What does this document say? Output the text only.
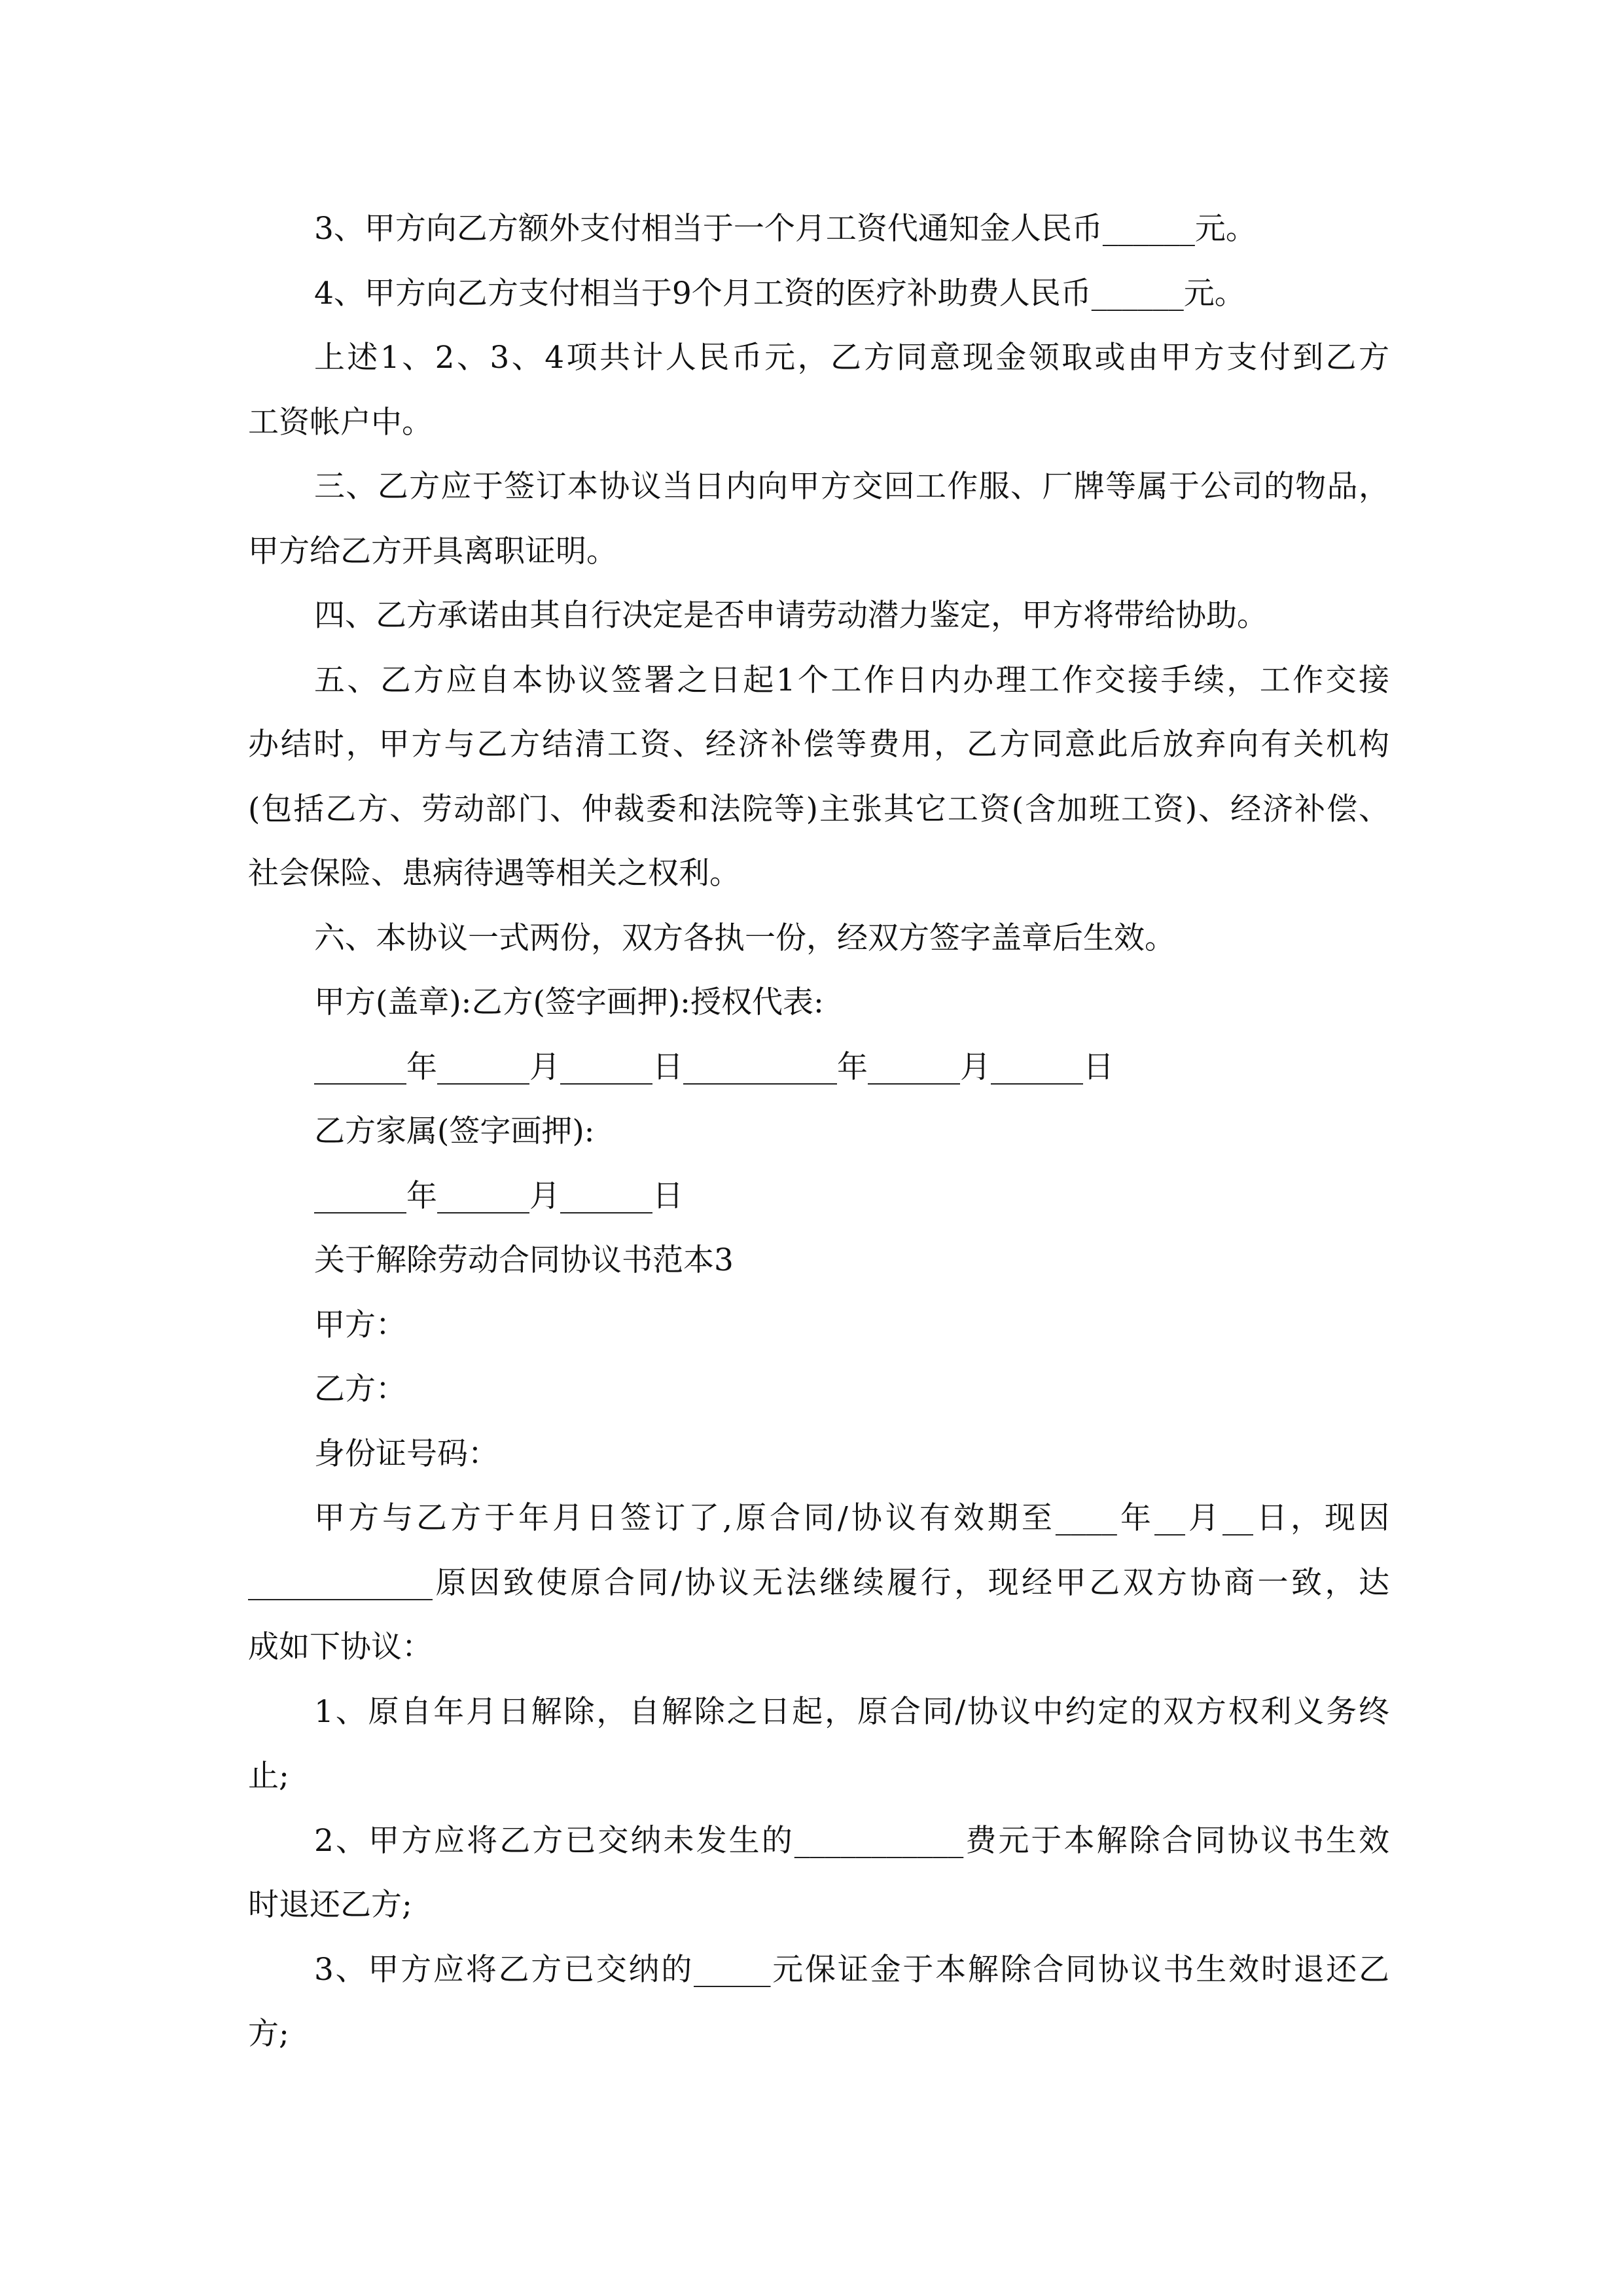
3、甲方向乙方额外支付相当于一个月工资代通知金人民币______元。
4、甲方向乙方支付相当于9个月工资的医疗补助费人民币______元。
上述1、2、3、4项共计人民币元，乙方同意现金领取或由甲方支付到乙方
工资帐户中。
三、乙方应于签订本协议当日内向甲方交回工作服、厂牌等属于公司的物品，
甲方给乙方开具离职证明。
四、乙方承诺由其自行决定是否申请劳动潜力鉴定，甲方将带给协助。
五、乙方应自本协议签署之日起1个工作日内办理工作交接手续，工作交接
办结时，甲方与乙方结清工资、经济补偿等费用，乙方同意此后放弃向有关机构
(包括乙方、劳动部门、仲裁委和法院等)主张其它工资(含加班工资)、经济补偿、
社会保险、患病待遇等相关之权利。
六、本协议一式两份，双方各执一份，经双方签字盖章后生效。
甲方(盖章):乙方(签字画押):授权代表:
______年______月______日__________年______月______日
乙方家属(签字画押):
______年______月______日
关于解除劳动合同协议书范本3
甲方：
乙方：
身份证号码：
甲方与乙方于年月日签订了,原合同/协议有效期至____年__月__日，现因
____________原因致使原合同/协议无法继续履行，现经甲乙双方协商一致，达
成如下协议：
1、原自年月日解除，自解除之日起，原合同/协议中约定的双方权利义务终
止;
2、甲方应将乙方已交纳未发生的___________费元于本解除合同协议书生效
时退还乙方;
3、甲方应将乙方已交纳的_____元保证金于本解除合同协议书生效时退还乙
方;
